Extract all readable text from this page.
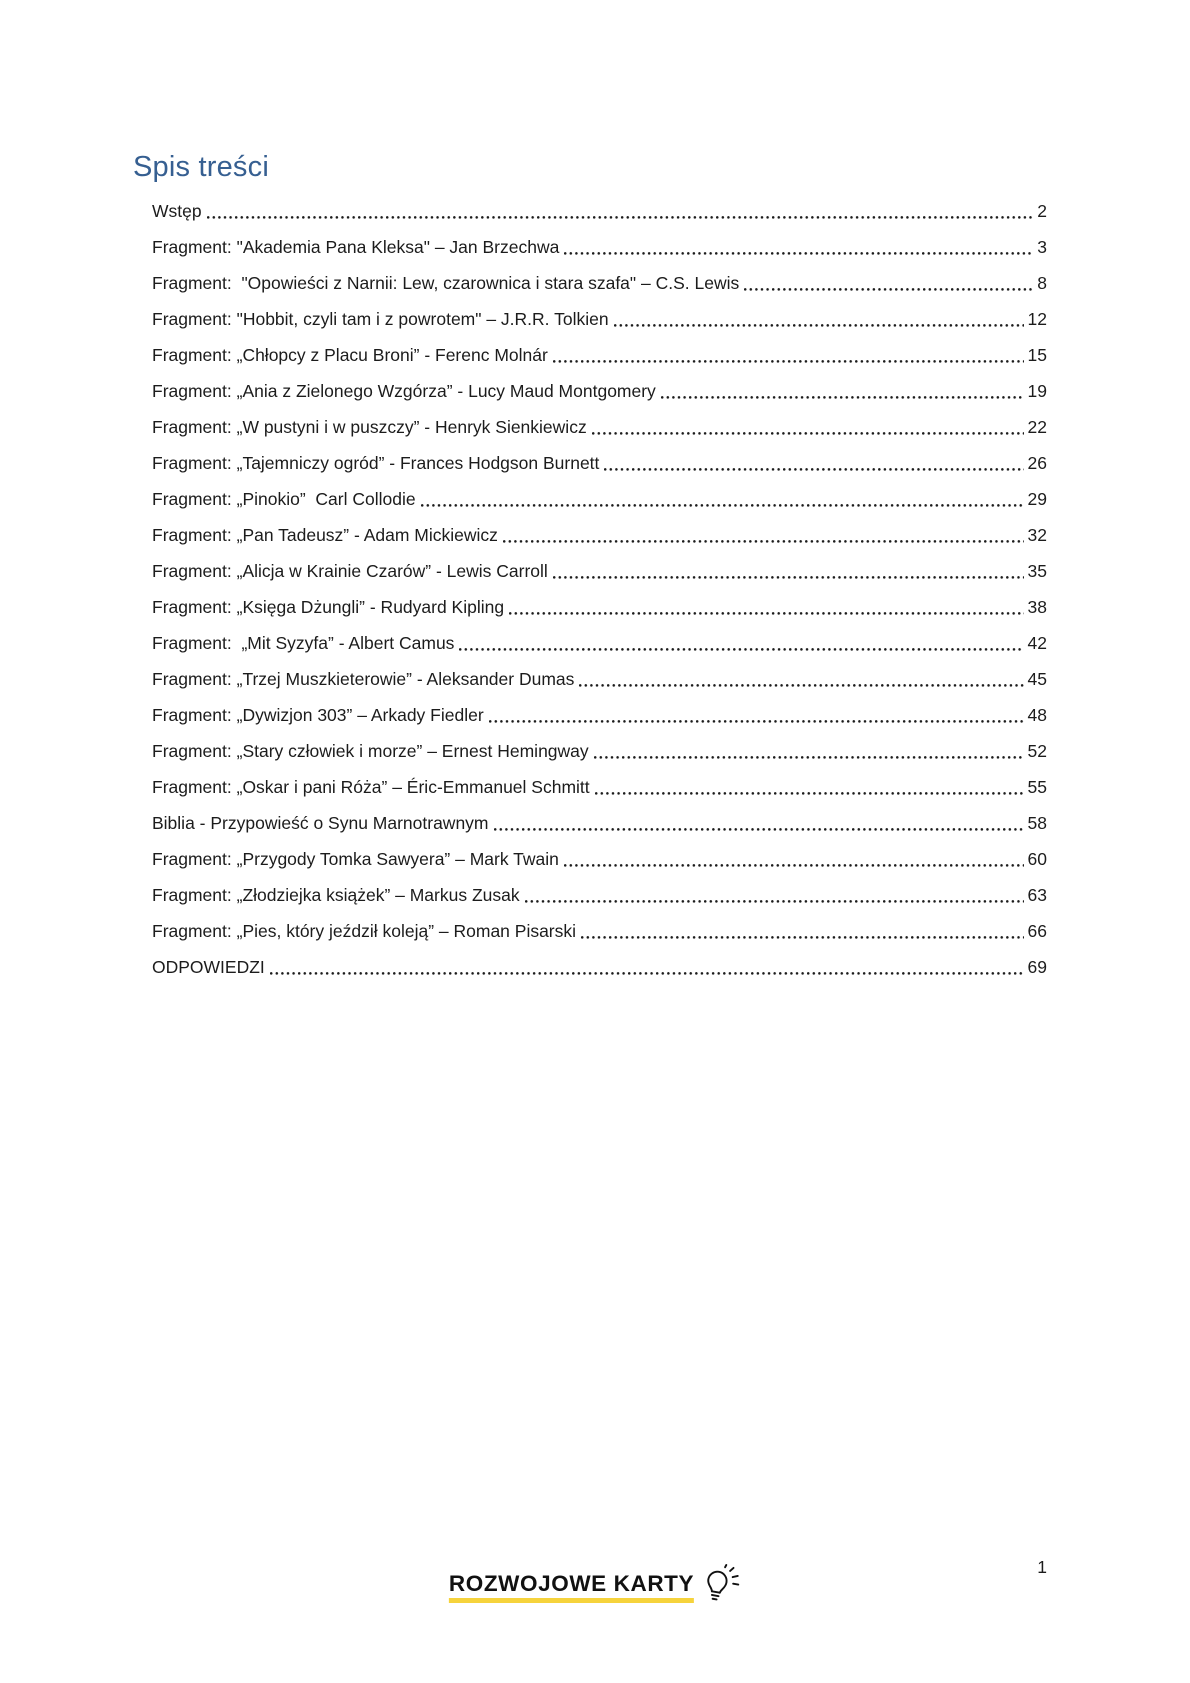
Spis treści
Wstęp	2
Fragment: "Akademia Pana Kleksa" – Jan Brzechwa	3
Fragment:  "Opowieści z Narnii: Lew, czarownica i stara szafa" – C.S. Lewis	8
Fragment: "Hobbit, czyli tam i z powrotem" – J.R.R. Tolkien	12
Fragment: „Chłopcy z Placu Broni” - Ferenc Molnár	15
Fragment: „Ania z Zielonego Wzgórza” - Lucy Maud Montgomery	19
Fragment: „W pustyni i w puszczy” - Henryk Sienkiewicz	22
Fragment: „Tajemniczy ogród” - Frances Hodgson Burnett	26
Fragment: „Pinokio”  Carl Collodie	29
Fragment: „Pan Tadeusz” - Adam Mickiewicz	32
Fragment: „Alicja w Krainie Czarów” - Lewis Carroll	35
Fragment: „Księga Dżungli” - Rudyard Kipling	38
Fragment:  „Mit Syzyfa” - Albert Camus	42
Fragment: „Trzej Muszkieterowie” - Aleksander Dumas	45
Fragment: „Dywizjon 303” – Arkady Fiedler	48
Fragment: „Stary człowiek i morze” – Ernest Hemingway	52
Fragment: „Oskar i pani Róża” – Éric-Emmanuel Schmitt	55
Biblia - Przypowieść o Synu Marnotrawnym	58
Fragment: „Przygody Tomka Sawyera” – Mark Twain	60
Fragment: „Złodziejka książek” – Markus Zusak	63
Fragment: „Pies, który jeździł koleją” – Roman Pisarski	66
ODPOWIEDZI	69
ROZWOJOWE KARTY
1
